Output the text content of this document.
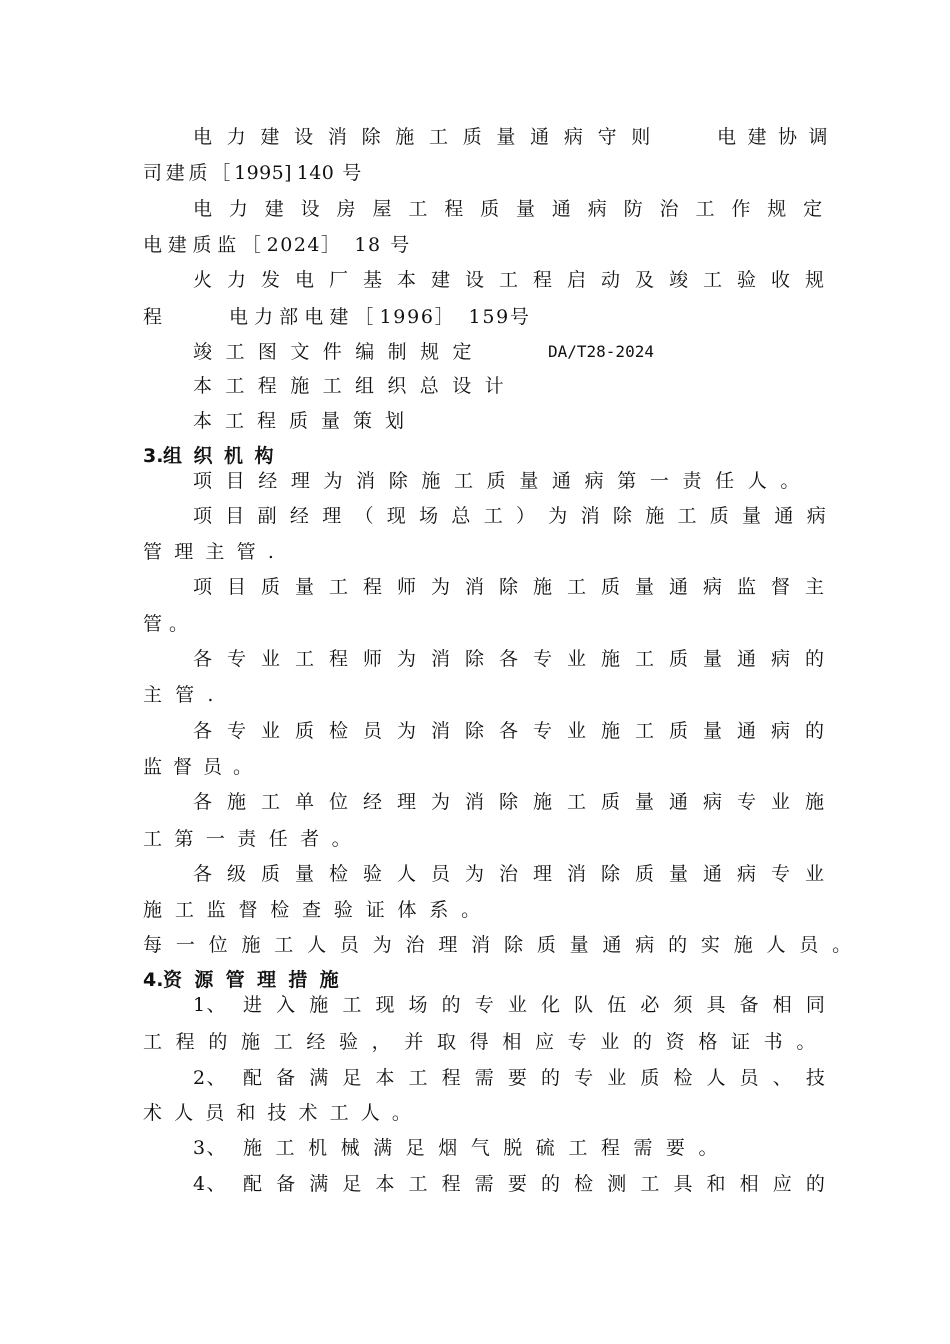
电 力 建 设 消 除 施 工 质 量 通 病 守 则

	电 建 协 调

司 建 质 ［ 1 9 9 5 ] 1 4 0
号

电 力 建 设 房 屋 工 程 质 量 通 病 防 治 工 作 规 定

电 建 质 监 ［ 2 0 2 4 ］
1 8
号

火 力 发 电 厂 基 本 建 设 工 程 启 动 及 竣 工 验 收 规

程

	电 力 部 电 建 ［ 1 9 9 6 ］
1 5 9 号

竣 工 图 文 件 编 制 规 定

	DA/T28-2024

本 工 程 施 工 组 织 总 设 计

本 工 程 质 量 策 划

3.

组 织 机 构

项 目 经 理 为 消 除 施 工 质 量 通 病 第 一 责 任 人 。

项 目 副 经 理 （ 现 场 总 工 ） 为 消 除 施 工 质 量 通 病

管 理 主 管 .

项 目 质 量 工 程 师 为 消 除 施 工 质 量 通 病 监 督 主

管 。

各 专 业 工 程 师 为 消 除 各 专 业 施 工 质 量 通 病 的

主 管 .

各 专 业 质 检 员 为 消 除 各 专 业 施 工 质 量 通 病 的

监 督 员 。

各 施 工 单 位 经 理 为 消 除 施 工 质 量 通 病 专 业 施

工 第 一 责 任 者 。

各 级 质 量 检 验 人 员 为 治 理 消 除 质 量 通 病 专 业

施 工 监 督 检 查 验 证 体 系 。

每 一 位 施 工 人 员 为 治 理 消 除 质 量 通 病 的 实 施 人 员 。

4.

资 源 管 理 措 施

1 、

进 入 施 工 现 场 的 专 业 化 队 伍 必 须 具 备 相 同

工 程 的 施 工 经 验 ， 并 取 得 相 应 专 业 的 资 格 证 书 。

2 、

配 备 满 足 本 工 程 需 要 的 专 业 质 检 人 员 、 技

术 人 员 和 技 术 工 人 。

3 、

施 工 机 械 满 足 烟 气 脱 硫 工 程 需 要 。

4 、

配 备 满 足 本 工 程 需 要 的 检 测 工 具 和 相 应 的
